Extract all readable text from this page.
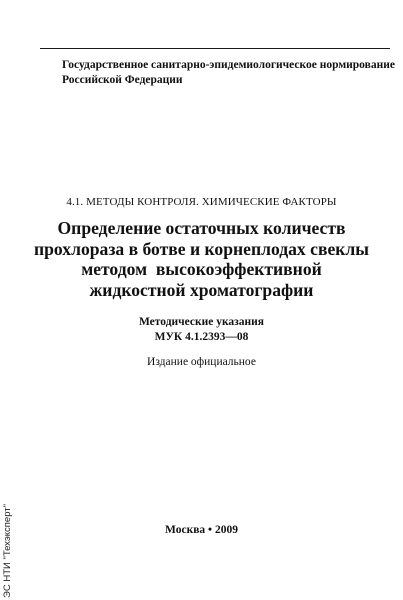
Государственное санитарно-эпидемиологическое нормирование
Российской Федерации
4.1. МЕТОДЫ КОНТРОЛЯ. ХИМИЧЕСКИЕ ФАКТОРЫ
Определение остаточных количеств
прохлораза в ботве и корнеплодах свеклы
методом  высокоэффективной
жидкостной хроматографии
Методические указания
МУК 4.1.2393—08
Издание официальное
Москва • 2009
ЭС НТИ "Техэксперт"
